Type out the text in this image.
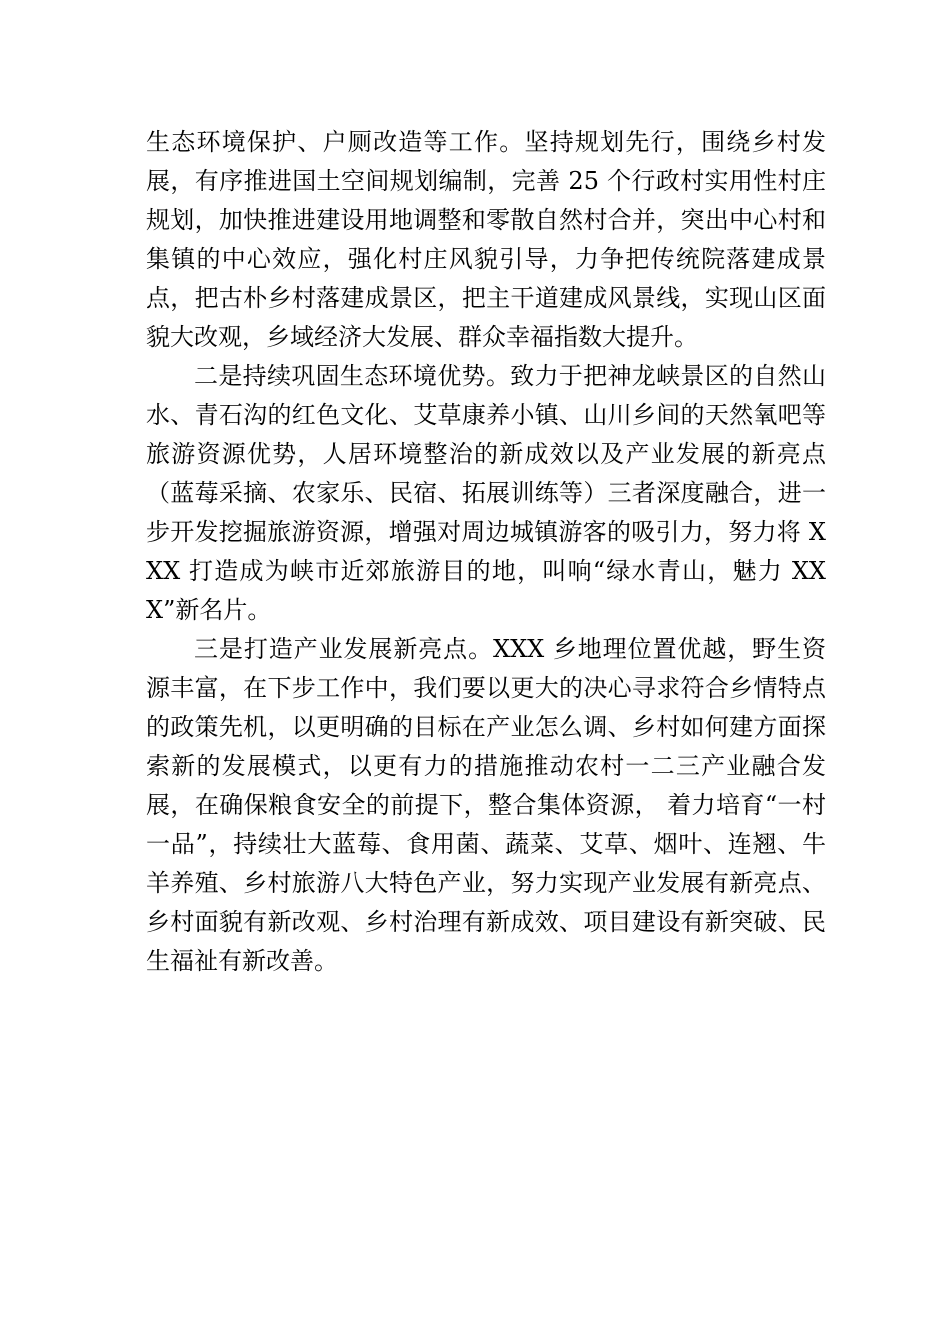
生态环境保护、户厕改造等工作。坚持规划先行，围绕乡村发展，有序推进国土空间规划编制，完善 25 个行政村实用性村庄规划，加快推进建设用地调整和零散自然村合并，突出中心村和集镇的中心效应，强化村庄风貌引导，力争把传统院落建成景点，把古朴乡村落建成景区，把主干道建成风景线，实现山区面貌大改观，乡域经济大发展、群众幸福指数大提升。

二是持续巩固生态环境优势。致力于把神龙峡景区的自然山水、青石沟的红色文化、艾草康养小镇、山川乡间的天然氧吧等旅游资源优势，人居环境整治的新成效以及产业发展的新亮点（蓝莓采摘、农家乐、民宿、拓展训练等）三者深度融合，进一步开发挖掘旅游资源，增强对周边城镇游客的吸引力，努力将 XXX 打造成为峡市近郊旅游目的地，叫响“绿水青山，魅力 XXX”新名片。

三是打造产业发展新亮点。XXX 乡地理位置优越，野生资源丰富，在下步工作中，我们要以更大的决心寻求符合乡情特点的政策先机，以更明确的目标在产业怎么调、乡村如何建方面探索新的发展模式，以更有力的措施推动农村一二三产业融合发展，在确保粮食安全的前提下，整合集体资源， 着力培育“一村一品”，持续壮大蓝莓、食用菌、蔬菜、艾草、烟叶、连翘、牛羊养殖、乡村旅游八大特色产业，努力实现产业发展有新亮点、乡村面貌有新改观、乡村治理有新成效、项目建设有新突破、民生福祉有新改善。
